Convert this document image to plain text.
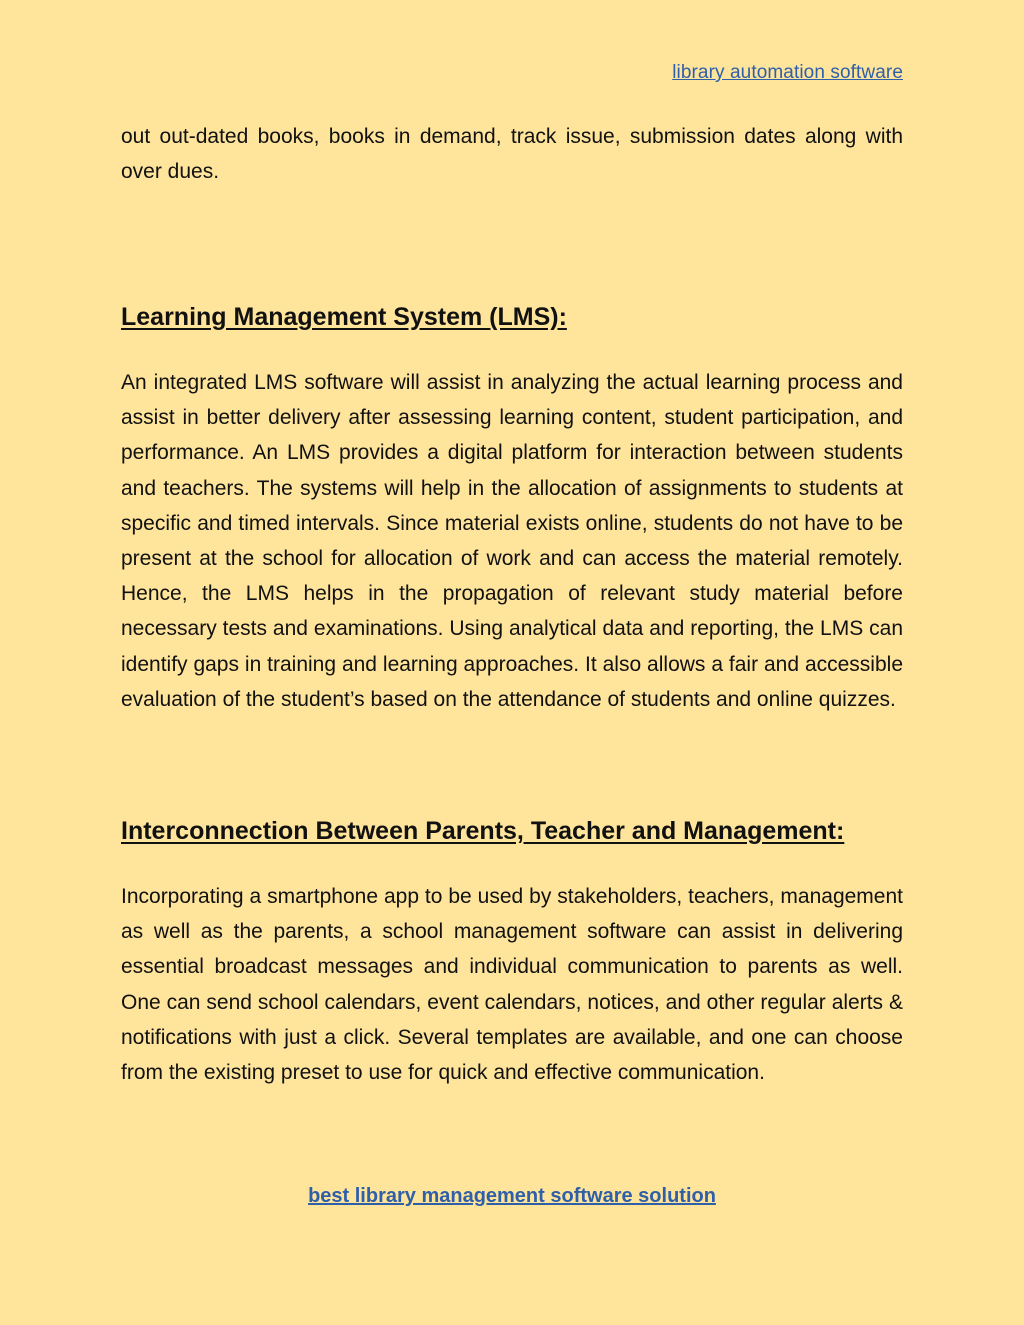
library automation software

out out-dated books, books in demand, track issue, submission dates along with over dues.

Learning Management System (LMS):

An integrated LMS software will assist in analyzing the actual learning process and assist in better delivery after assessing learning content, student participation, and performance. An LMS provides a digital platform for interaction between students and teachers. The systems will help in the allocation of assignments to students at specific and timed intervals. Since material exists online, students do not have to be present at the school for allocation of work and can access the material remotely. Hence, the LMS helps in the propagation of relevant study material before necessary tests and examinations. Using analytical data and reporting, the LMS can identify gaps in training and learning approaches. It also allows a fair and accessible evaluation of the student’s based on the attendance of students and online quizzes.

Interconnection Between Parents, Teacher and Management:

Incorporating a smartphone app to be used by stakeholders, teachers, management as well as the parents, a school management software can assist in delivering essential broadcast messages and individual communication to parents as well. One can send school calendars, event calendars, notices, and other regular alerts & notifications with just a click. Several templates are available, and one can choose from the existing preset to use for quick and effective communication.

best library management software solution
